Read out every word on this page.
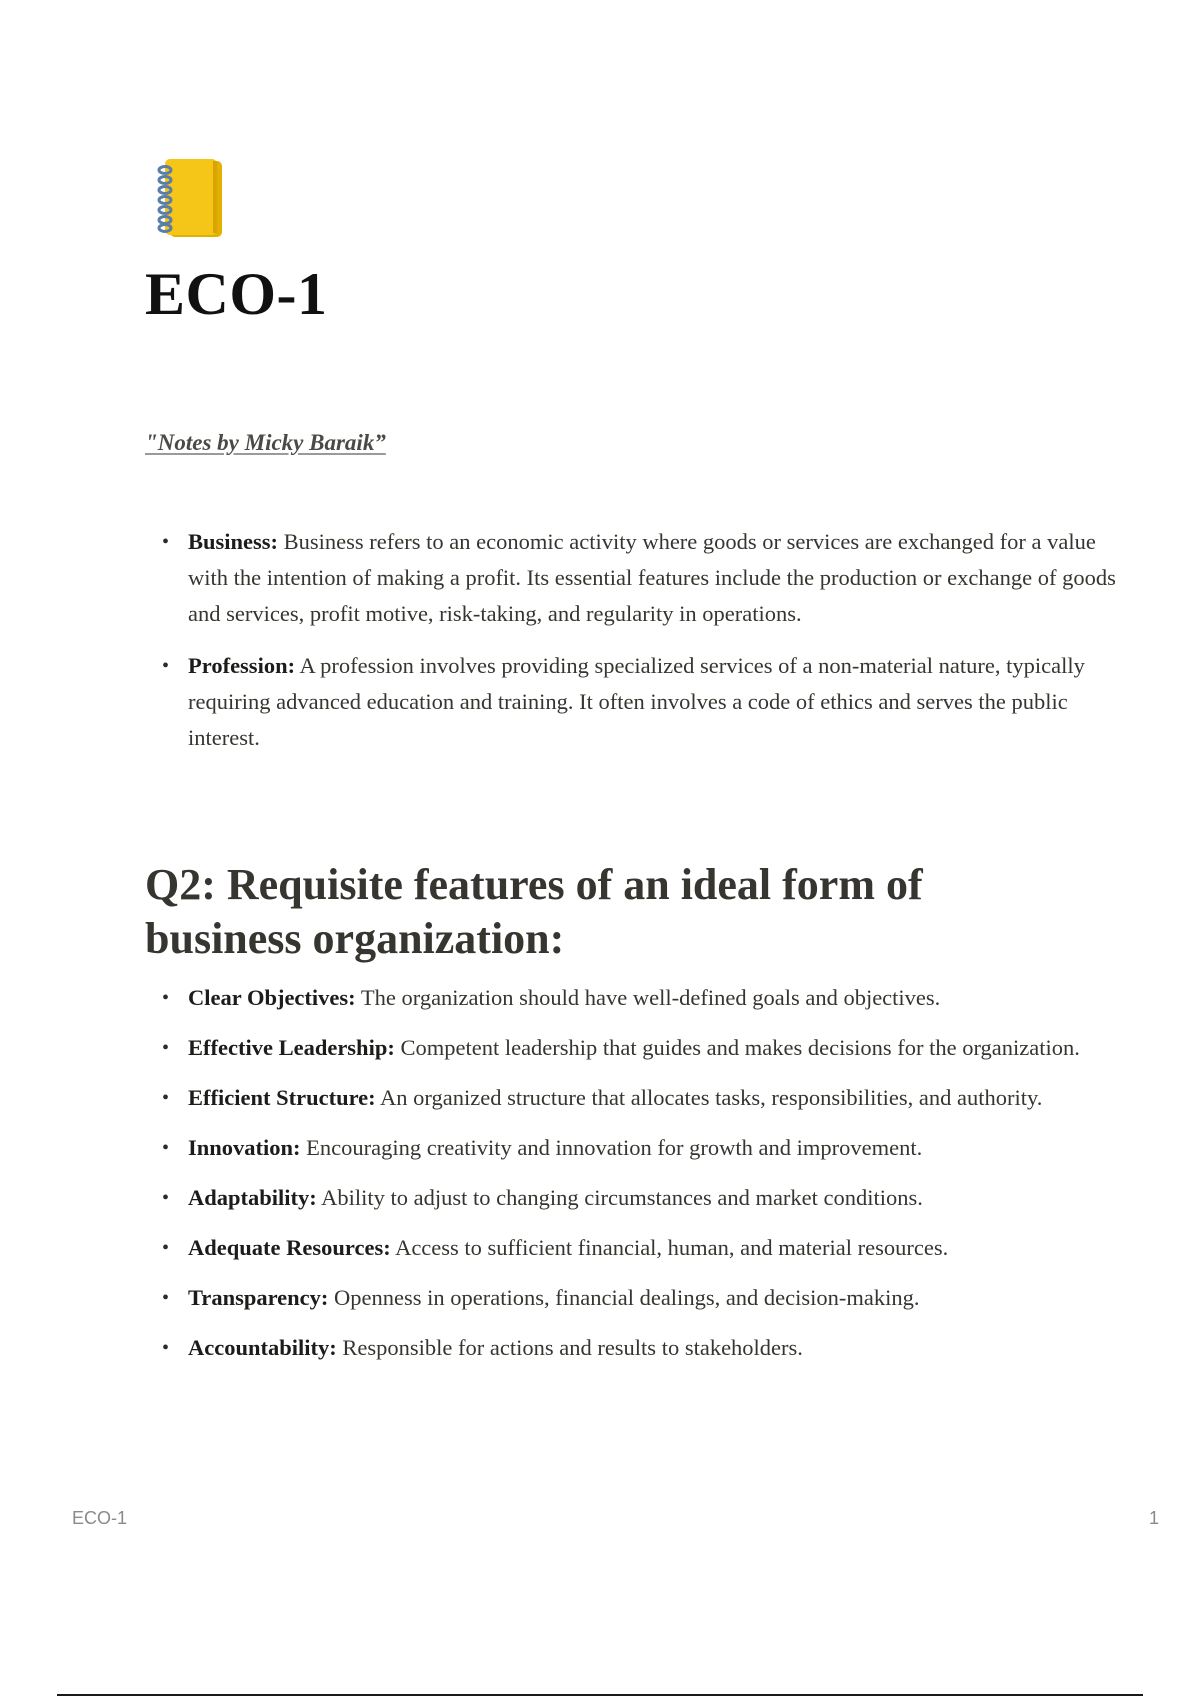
ECO-1

"Notes by Micky Baraik”

• Business: Business refers to an economic activity where goods or services are exchanged for a value with the intention of making a profit. Its essential features include the production or exchange of goods and services, profit motive, risk-taking, and regularity in operations.
• Profession: A profession involves providing specialized services of a non-material nature, typically requiring advanced education and training. It often involves a code of ethics and serves the public interest.
Q2: Requisite features of an ideal form of business organization:
• Clear Objectives: The organization should have well-defined goals and objectives.
• Effective Leadership: Competent leadership that guides and makes decisions for the organization.
• Efficient Structure: An organized structure that allocates tasks, responsibilities, and authority.
• Innovation: Encouraging creativity and innovation for growth and improvement.
• Adaptability: Ability to adjust to changing circumstances and market conditions.
• Adequate Resources: Access to sufficient financial, human, and material resources.
• Transparency: Openness in operations, financial dealings, and decision-making.
• Accountability: Responsible for actions and results to stakeholders.

ECO-1	1
